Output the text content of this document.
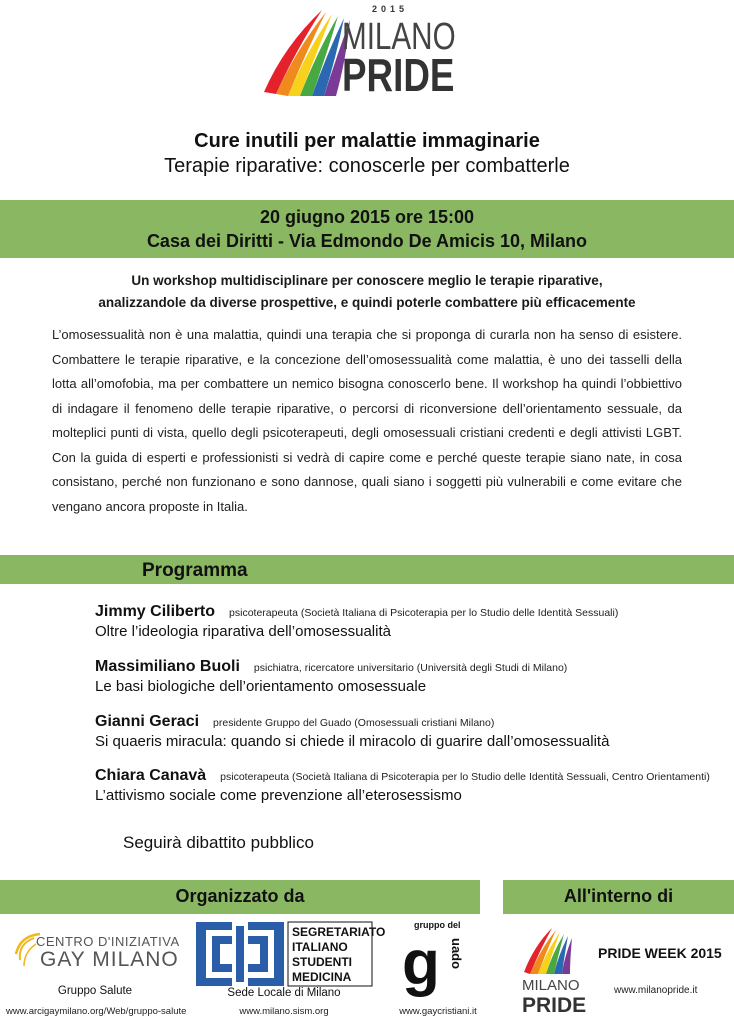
2015
MILANO
PRIDE
Cure inutili per malattie immaginarie
Terapie riparative: conoscerle per combatterle
20 giugno 2015 ore 15:00
Casa dei Diritti - Via Edmondo De Amicis 10, Milano
Un workshop multidisciplinare per conoscere meglio le terapie riparative,
analizzandole da diverse prospettive, e quindi poterle combattere più efficacemente
L’omosessualità non è una malattia, quindi una terapia che si proponga di curarla non ha senso di esistere. Combattere le terapie riparative, e la concezione dell’omosessualità come malattia, è uno dei tasselli della lotta all’omofobia, ma per combattere un nemico bisogna conoscerlo bene. Il workshop ha quindi l’obbiettivo di indagare il fenomeno delle terapie riparative, o percorsi di riconversione dell’orientamento sessuale, da molteplici punti di vista, quello degli psicoterapeuti, degli omosessuali cristiani credenti e degli attivisti LGBT. Con la guida di esperti e professionisti si vedrà di capire come e perché queste terapie siano nate, in cosa consistano, perché non funzionano e sono dannose, quali siano i soggetti più vulnerabili e come evitare che vengano ancora proposte in Italia.
Programma
Jimmy Ciliberto psicoterapeuta (Società Italiana di Psicoterapia per lo Studio delle Identità Sessuali)
Oltre l’ideologia riparativa dell’omosessualità
Massimiliano Buoli psichiatra, ricercatore universitario (Università degli Studi di Milano)
Le basi biologiche dell’orientamento omosessuale
Gianni Geraci presidente Gruppo del Guado (Omosessuali cristiani Milano)
Si quaeris miracula: quando si chiede il miracolo di guarire dall’omosessualità
Chiara Canavà psicoterapeuta (Società Italiana di Psicoterapia per lo Studio delle Identità Sessuali, Centro Orientamenti)
L’attivismo sociale come prevenzione all’eterosessismo
Seguirà dibattito pubblico
Organizzato da	All'interno di
CENTRO D'INIZIATIVA
GAY MILANO
Gruppo Salute
www.arcigaymilano.org/Web/gruppo-salute
SEGRETARIATO
ITALIANO
STUDENTI
MEDICINA
Sede Locale di Milano
www.milano.sism.org
gruppo del
g uado
www.gaycristiani.it
MILANO
PRIDE
PRIDE WEEK 2015
www.milanopride.it
